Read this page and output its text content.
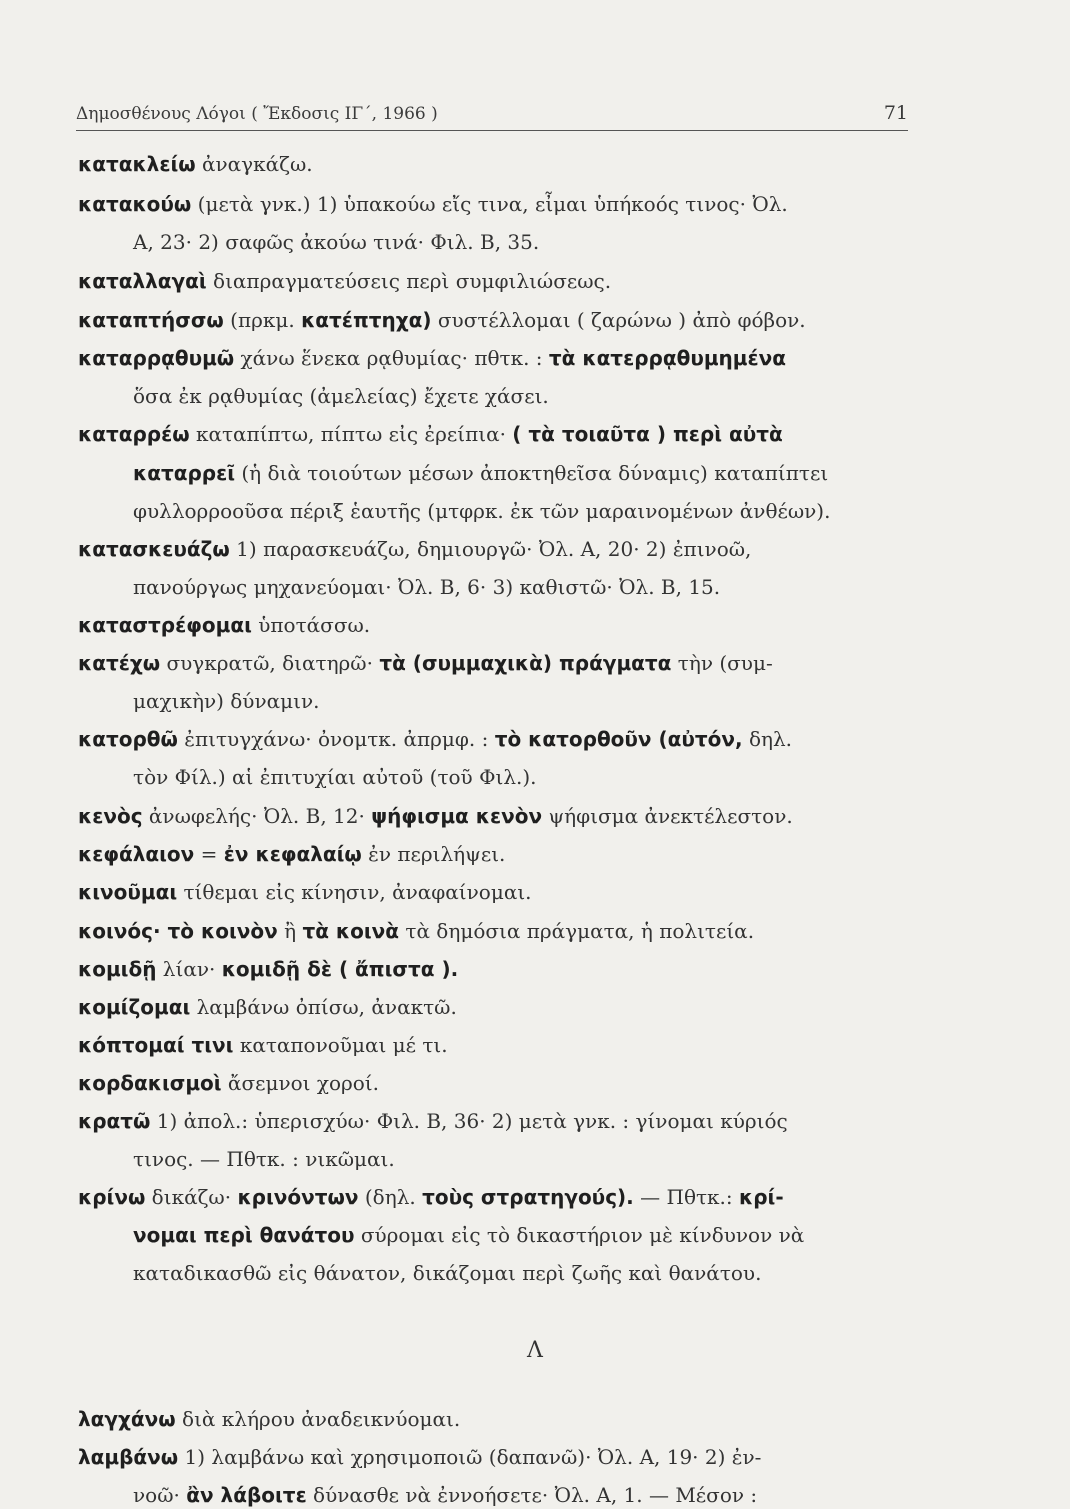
Δημοσθένους Λόγοι ( Ἔκδοσις ΙΓ΄, 1966 )	71
κατακλείω ἀναγκάζω.
κατακούω (μετὰ γνκ.) 1) ὑπακούω εἴς τινα, εἶμαι ὑπήκοός τινος· Ὀλ.
Α, 23· 2) σαφῶς ἀκούω τινά· Φιλ. Β, 35.
καταλλαγαὶ διαπραγματεύσεις περὶ συμφιλιώσεως.
καταπτήσσω (πρκμ. κατέπτηχα) συστέλλομαι ( ζαρώνω ) ἀπὸ φόβον.
καταρρᾳθυμῶ χάνω ἕνεκα ρᾳθυμίας· πθτκ. : τὰ κατερρᾳθυμημένα
ὅσα ἐκ ρᾳθυμίας (ἀμελείας) ἔχετε χάσει.
καταρρέω καταπίπτω, πίπτω εἰς ἐρείπια· ( τὰ τοιαῦτα ) περὶ αὐτὰ
καταρρεῖ (ἡ διὰ τοιούτων μέσων ἀποκτηθεῖσα δύναμις) καταπίπτει
φυλλορροοῦσα πέριξ ἑαυτῆς (μτφρκ. ἐκ τῶν μαραινομένων ἀνθέων).
κατασκευάζω 1) παρασκευάζω, δημιουργῶ· Ὀλ. Α, 20· 2) ἐπινοῶ,
πανούργως μηχανεύομαι· Ὀλ. Β, 6· 3) καθιστῶ· Ὀλ. Β, 15.
καταστρέφομαι ὑποτάσσω.
κατέχω συγκρατῶ, διατηρῶ· τὰ (συμμαχικὰ) πράγματα τὴν (συμ-
μαχικὴν) δύναμιν.
κατορθῶ ἐπιτυγχάνω· ὀνομτκ. ἀπρμφ. : τὸ κατορθοῦν (αὐτόν, δηλ.
τὸν Φίλ.) αἱ ἐπιτυχίαι αὐτοῦ (τοῦ Φιλ.).
κενὸς ἀνωφελής· Ὀλ. Β, 12· ψήφισμα κενὸν ψήφισμα ἀνεκτέλεστον.
κεφάλαιον = ἐν κεφαλαίῳ ἐν περιλήψει.
κινοῦμαι τίθεμαι εἰς κίνησιν, ἀναφαίνομαι.
κοινός· τὸ κοινὸν ἢ τὰ κοινὰ τὰ δημόσια πράγματα, ἡ πολιτεία.
κομιδῇ λίαν· κομιδῇ δὲ ( ἄπιστα ).
κομίζομαι λαμβάνω ὀπίσω, ἀνακτῶ.
κόπτομαί τινι καταπονοῦμαι μέ τι.
κορδακισμοὶ ἄσεμνοι χοροί.
κρατῶ 1) ἀπολ.: ὑπερισχύω· Φιλ. Β, 36· 2) μετὰ γνκ. : γίνομαι κύριός
τινος. — Πθτκ. : νικῶμαι.
κρίνω δικάζω· κρινόντων (δηλ. τοὺς στρατηγούς). — Πθτκ.: κρί-
νομαι περὶ θανάτου σύρομαι εἰς τὸ δικαστήριον μὲ κίνδυνον νὰ
καταδικασθῶ εἰς θάνατον, δικάζομαι περὶ ζωῆς καὶ θανάτου.
Λ
λαγχάνω διὰ κλήρου ἀναδεικνύομαι.
λαμβάνω 1) λαμβάνω καὶ χρησιμοποιῶ (δαπανῶ)· Ὀλ. Α, 19· 2) ἐν-
νοῶ· ἂν λάβοιτε δύνασθε νὰ ἐννοήσετε· Ὀλ. Α, 1. — Μέσον :
